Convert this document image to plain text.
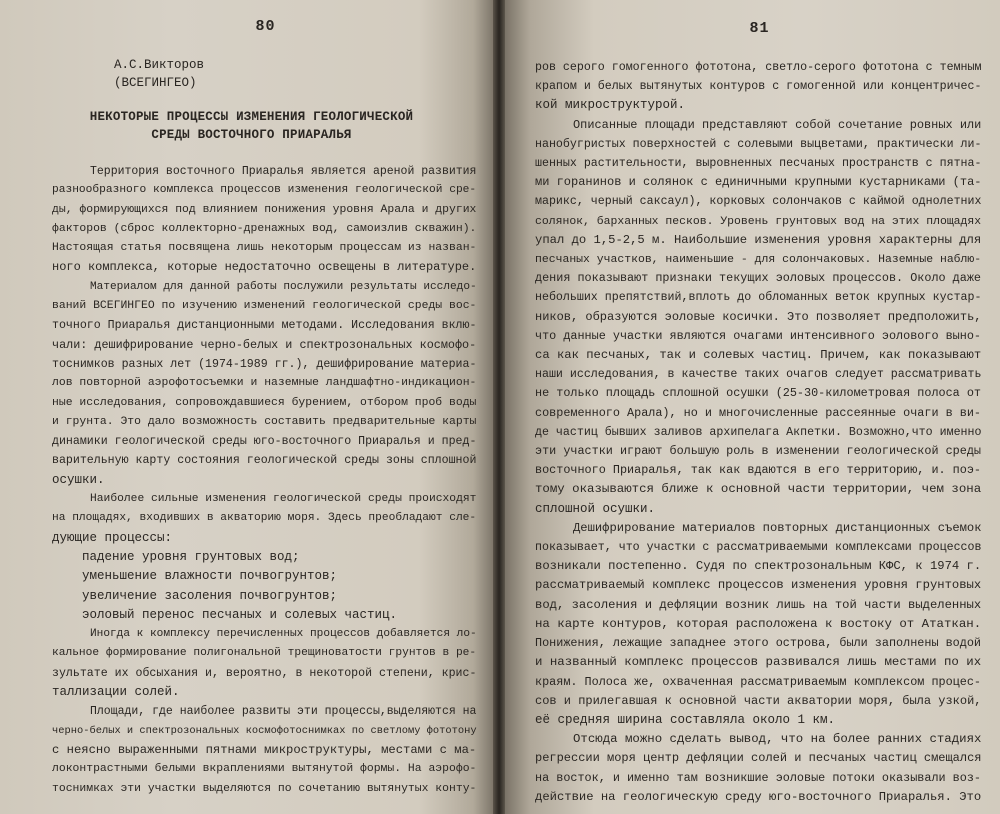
80
А.С.Викторов
(ВСЕГИНГЕО)
НЕКОТОРЫЕ ПРОЦЕССЫ ИЗМЕНЕНИЯ ГЕОЛОГИЧЕСКОЙ
СРЕДЫ ВОСТОЧНОГО ПРИАРАЛЬЯ
Территория восточного Приаралья является ареной развития
разнообразного комплекса процессов изменения геологической сре-
ды, формирующихся под влиянием понижения уровня Арала и других
факторов (сброс коллекторно-дренажных вод, самоизлив скважин).
Настоящая статья посвящена лишь некоторым процессам из назван-
ного комплекса, которые недостаточно освещены в литературе.
Материалом для данной работы послужили результаты исследо-
ваний ВСЕГИНГЕО по изучению изменений геологической среды вос-
точного Приаралья дистанционными методами. Исследования вклю-
чали: дешифрирование черно-белых и спектрозональных космофо-
тоснимков разных лет (1974-1989 гг.), дешифрирование материа-
лов повторной аэрофотосъемки и наземные ландшафтно-индикацион-
ные исследования, сопровождавшиеся бурением, отбором проб воды
и грунта. Это дало возможность составить предварительные карты
динамики геологической среды юго-восточного Приаралья и пред-
варительную карту состояния геологической среды зоны сплошной
осушки.
Наиболее сильные изменения геологической среды происходят
на площадях, входивших в акваторию моря. Здесь преобладают сле-
дующие процессы:
падение уровня грунтовых вод;
уменьшение влажности почвогрунтов;
увеличение засоления почвогрунтов;
эоловый перенос песчаных и солевых частиц.
Иногда к комплексу перечисленных процессов добавляется ло-
кальное формирование полигональной трещиноватости грунтов в ре-
зультате их обсыхания и, вероятно, в некоторой степени, крис-
таллизации солей.
Площади, где наиболее развиты эти процессы,выделяются на
черно-белых и спектрозональных космофотоснимках по светлому фототону
с неясно выраженными пятнами микроструктуры, местами с ма-
локонтрастными белыми вкраплениями вытянутой формы. На аэрофо-
тоснимках эти участки выделяются по сочетанию вытянутых конту-
81
ров серого гомогенного фототона, светло-серого фототона с темным
крапом и белых вытянутых контуров с гомогенной или концентричес-
кой микроструктурой.
Описанные площади представляют собой сочетание ровных или
нанобугристых поверхностей с солевыми выцветами, практически ли-
шенных растительности, выровненных песчаных пространств с пятна-
ми горанинов и солянок с единичными крупными кустарниками (та-
марикс, черный саксаул), корковых солончаков с каймой однолетних
солянок, барханных песков. Уровень грунтовых вод на этих площадях
упал до 1,5-2,5 м. Наибольшие изменения уровня характерны для
песчаных участков, наименьшие - для солончаковых. Наземные наблю-
дения показывают признаки текущих эоловых процессов. Около даже
небольших препятствий,вплоть до обломанных веток крупных кустар-
ников, образуются эоловые косички. Это позволяет предположить,
что данные участки являются очагами интенсивного эолового выно-
са как песчаных, так и солевых частиц. Причем, как показывают
наши исследования, в качестве таких очагов следует рассматривать
не только площадь сплошной осушки (25-30-километровая полоса от
современного Арала), но и многочисленные рассеянные очаги в ви-
де частиц бывших заливов архипелага Акпетки. Возможно,что именно
эти участки играют большую роль в изменении геологической среды
восточного Приаралья, так как вдаются в его территорию, и. поэ-
тому оказываются ближе к основной части территории, чем зона
сплошной осушки.
Дешифрирование материалов повторных дистанционных съемок
показывает, что участки с рассматриваемыми комплексами процессов
возникали постепенно. Судя по спектрозональным КФС, к 1974 г.
рассматриваемый комплекс процессов изменения уровня грунтовых
вод, засоления и дефляции возник лишь на той части выделенных
на карте контуров, которая расположена к востоку от Ататкан.
Понижения, лежащие западнее этого острова, были заполнены водой
и названный комплекс процессов развивался лишь местами по их
краям. Полоса же, охваченная рассматриваемым комплексом процес-
сов и прилегавшая к основной части акватории моря, была узкой,
её средняя ширина составляла около 1 км.
Отсюда можно сделать вывод, что на более ранних стадиях
регрессии моря центр дефляции солей и песчаных частиц смещался
на восток, и именно там возникшие эоловые потоки оказывали воз-
действие на геологическую среду юго-восточного Приаралья. Это
